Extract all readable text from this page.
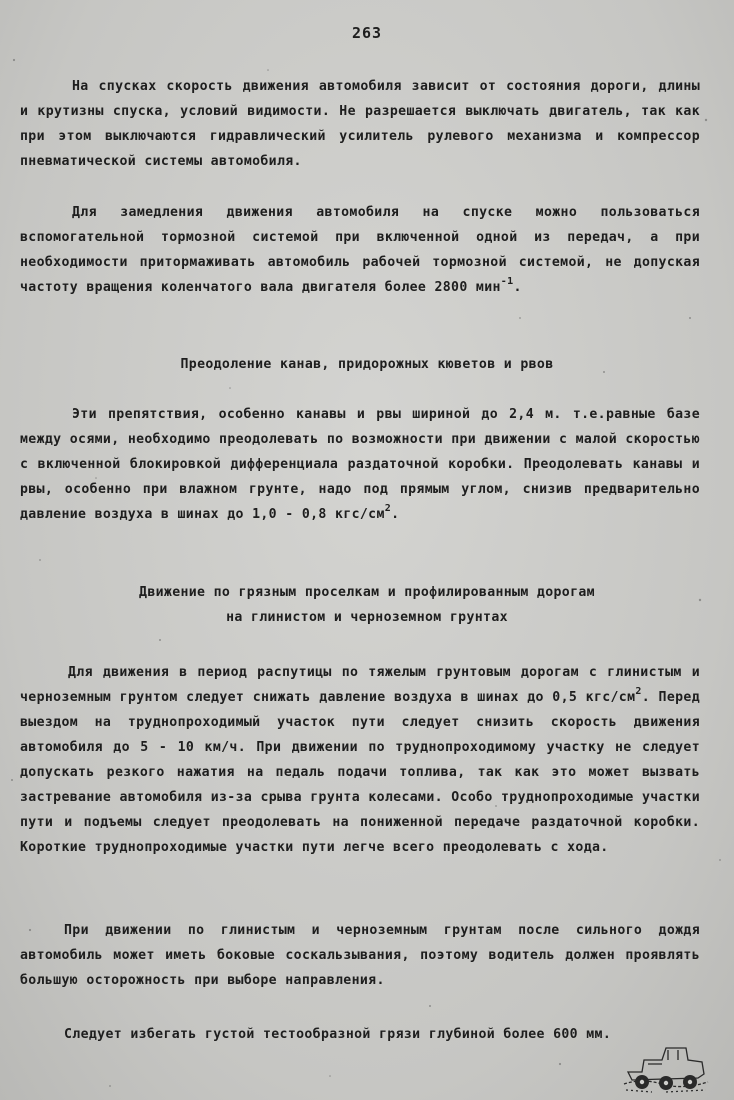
263

На спусках скорость движения автомобиля зависит от состояния дороги, длины и крутизны спуска, условий видимости. Не разрешается выключать двигатель, так как при этом выключаются гидравлический усилитель рулевого механизма и компрессор пневматической системы автомобиля.

Для замедления движения автомобиля на спуске можно пользоваться вспомогательной тормозной системой при включенной одной из передач, а при необходимости притормаживать автомобиль рабочей тормозной системой, не допуская частоту вращения коленчатого вала двигателя более 2800 мин$^{-1}$.

Преодоление канав, придорожных кюветов и рвов

Эти препятствия, особенно канавы и рвы шириной до 2,4 м. т.е.равные базе между осями, необходимо преодолевать по возможности при движении с малой скоростью с включенной блокировкой дифференциала раздаточной коробки. Преодолевать канавы и рвы, особенно при влажном грунте, надо под прямым углом, снизив предварительно давление воздуха в шинах до 1,0 - 0,8 кгс/$см^2$.

Движение по грязным проселкам и профилированным дорогам
на глинистом и черноземном грунтах

Для движения в период распутицы по тяжелым грунтовым дорогам с глинистым и черноземным грунтом следует снижать давление воздуха в шинах до 0,5 кгс/$см^2$. Перед выездом на труднопроходимый участок пути следует снизить скорость движения автомобиля до 5 - 10 км/ч. При движении по труднопроходимому участку не следует допускать резкого нажатия на педаль подачи топлива, так как это может вызвать застревание автомобиля из-за срыва грунта колесами. Особо труднопроходимые участки пути и подъемы следует преодолевать на пониженной передаче раздаточной коробки. Короткие труднопроходимые участки пути легче всего преодолевать с хода.

При движении по глинистым и черноземным грунтам после сильного дождя автомобиль может иметь боковые соскальзывания, поэтому водитель должен проявлять большую осторожность при выборе направления.

Следует избегать густой тестообразной грязи глубиной более 600 мм.
